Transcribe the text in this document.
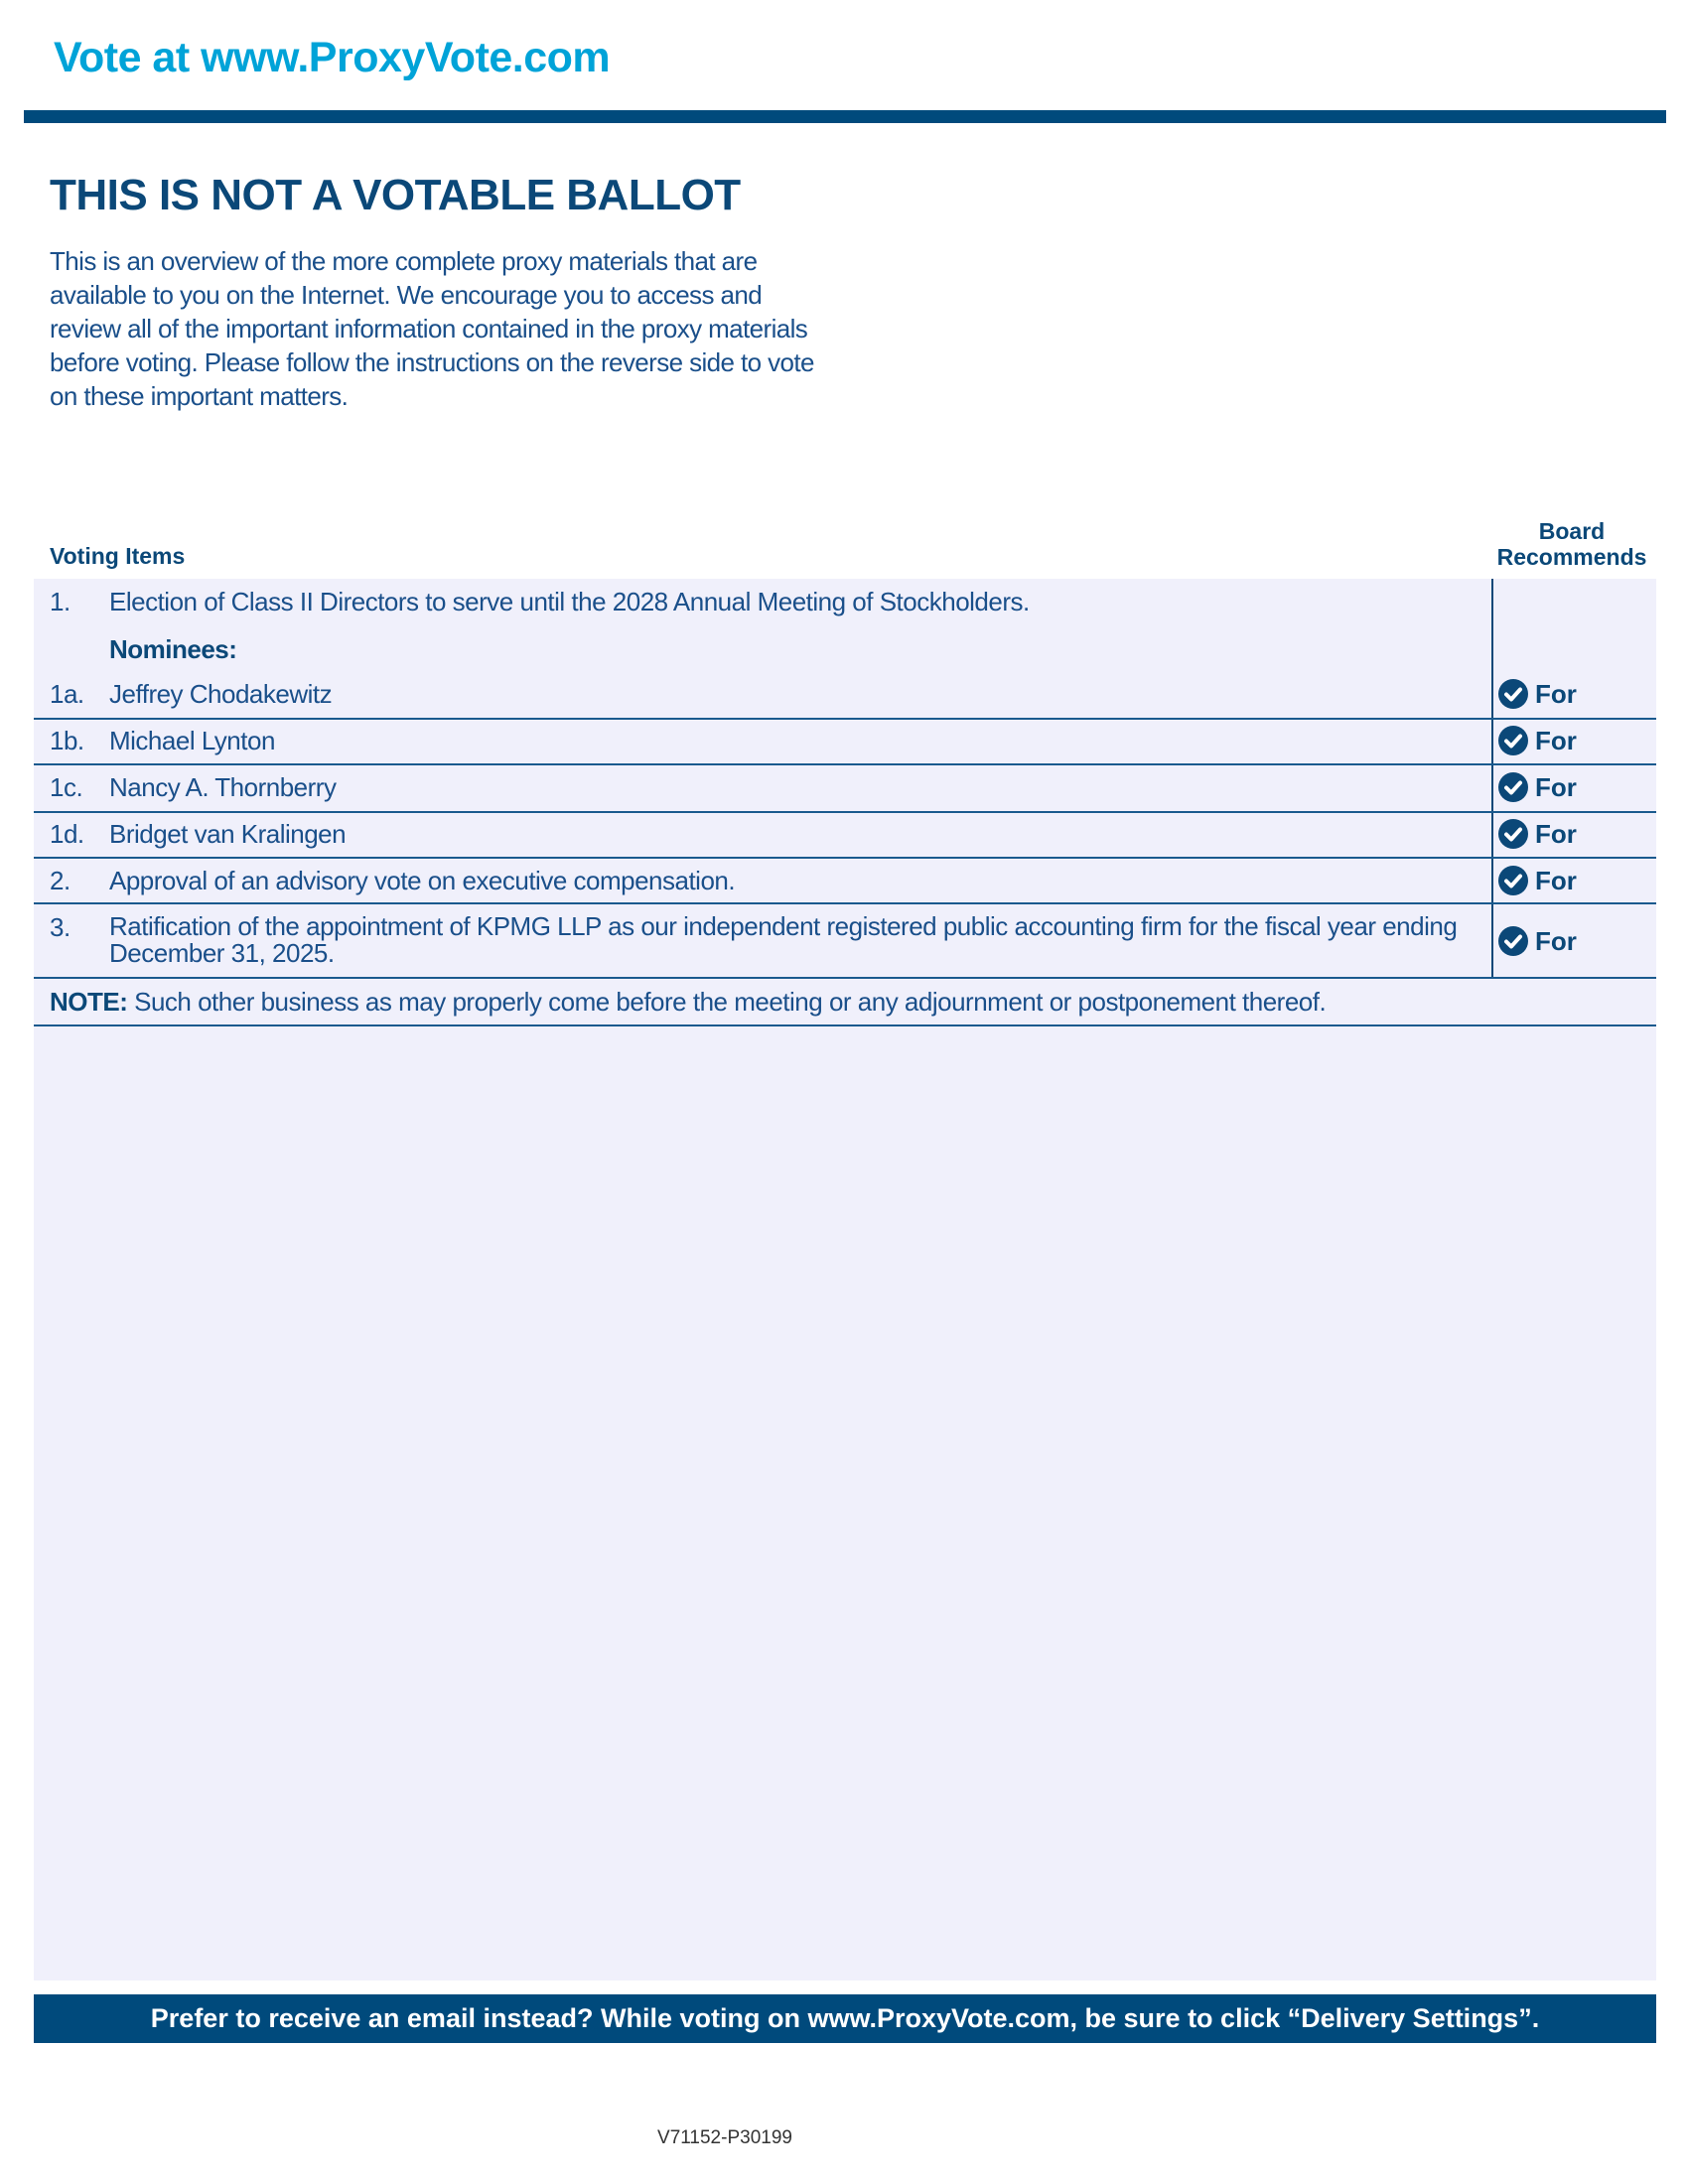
Vote at www.ProxyVote.com
THIS IS NOT A VOTABLE BALLOT
This is an overview of the more complete proxy materials that are available to you on the Internet. We encourage you to access and review all of the important information contained in the proxy materials before voting. Please follow the instructions on the reverse side to vote on these important matters.
Voting Items
Board
Recommends
1. Election of Class II Directors to serve until the 2028 Annual Meeting of Stockholders.
Nominees:
1a. Jeffrey Chodakewitz	For
1b. Michael Lynton	For
1c. Nancy A. Thornberry	For
1d. Bridget van Kralingen	For
2. Approval of an advisory vote on executive compensation.	For
3. Ratification of the appointment of KPMG LLP as our independent registered public accounting firm for the fiscal year ending December 31, 2025.	For
NOTE: Such other business as may properly come before the meeting or any adjournment or postponement thereof.
Prefer to receive an email instead? While voting on www.ProxyVote.com, be sure to click “Delivery Settings”.
V71152-P30199
